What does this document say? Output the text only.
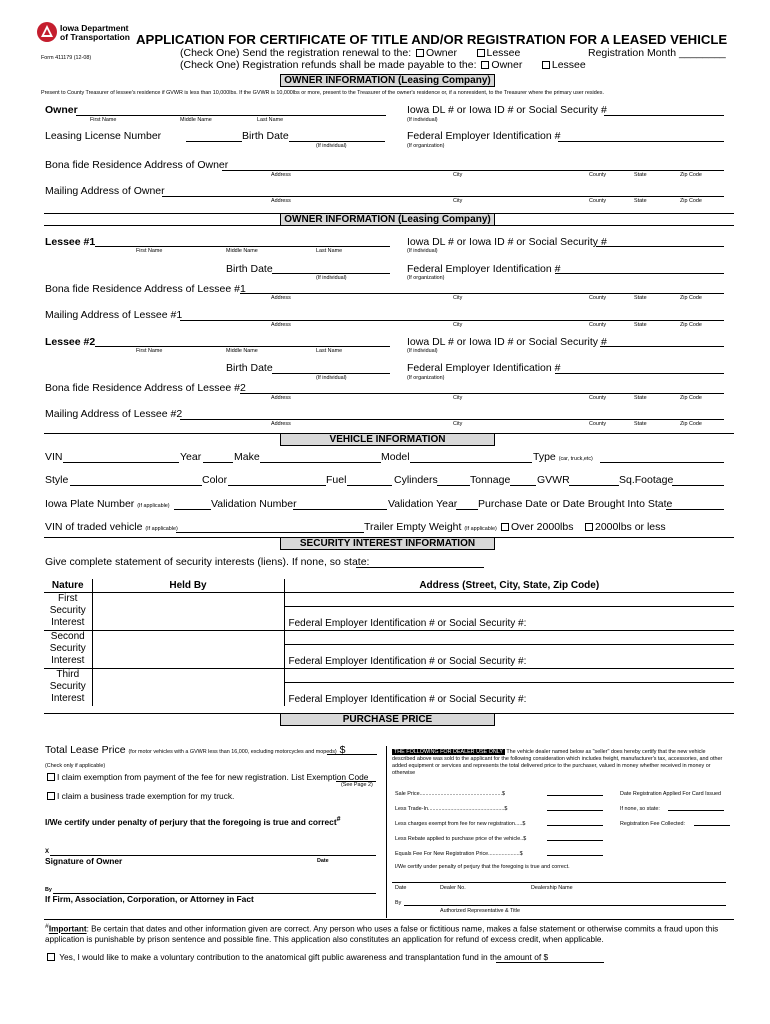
Iowa Department
of Transportation
Form 411179 (12-08)
APPLICATION FOR CERTIFICATE OF TITLE AND/OR REGISTRATION FOR A LEASED VEHICLE
(Check One) Send the registration renewal to the: Owner	Lessee	Registration Month ________
(Check One) Registration refunds shall be made payable to the: Owner	Lessee
OWNER INFORMATION (Leasing Company)
Present to County Treasurer of lessee's residence if GVWR is less than 10,000lbs. If the GVWR is 10,000lbs or more, present to the Treasurer of the owner's residence or, if a nonresident, to the Treasurer where the primary user resides.
Owner
First Name	Middle Name	Last Name
Iowa DL # or Iowa ID # or Social Security #
(If individual)
Leasing License Number	Birth Date
(If individual)
Federal Employer Identification #
(If organization)
Bona fide Residence Address of Owner
Address	City	County	State	Zip Code
Mailing Address of Owner
Address	City	County	State	Zip Code
OWNER INFORMATION (Leasing Company)
Lessee #1
First Name	Middle Name	Last Name
Iowa DL # or Iowa ID # or Social Security #
(If individual)
Birth Date
(If individual)
Federal Employer Identification #
(If organization)
Bona fide Residence Address of Lessee #1
Address	City	County	State	Zip Code
Mailing Address of Lessee #1
Address	City	County	State	Zip Code
Lessee #2
First Name	Middle Name	Last Name
Iowa DL # or Iowa ID # or Social Security #
(If individual)
Birth Date
(If individual)
Federal Employer Identification #
(If organization)
Bona fide Residence Address of Lessee #2
Address	City	County	State	Zip Code
Mailing Address of Lessee #2
Address	City	County	State	Zip Code
VEHICLE INFORMATION
VIN	Year	Make	Model	Type (car, truck,etc)
Style	Color	Fuel	Cylinders	Tonnage	GVWR	Sq.Footage
Iowa Plate Number (If applicable)	Validation Number	Validation Year Purchase Date or Date Brought Into State
VIN of traded vehicle (If applicable)	Trailer Empty Weight (If applicable)	Over 2000lbs	2000lbs or less
SECURITY INTEREST INFORMATION
Give complete statement of security interests (liens). If none, so state:
Nature	Held By	Address (Street, City, State, Zip Code)

First
Security
Interest		Federal Employer Identification # or Social Security #:

Second
Security
Interest		Federal Employer Identification # or Social Security #:

Third
Security
Interest		Federal Employer Identification # or Social Security #:
PURCHASE PRICE
Total Lease Price (for motor vehicles with a GVWR less than 16,000, excluding motorcycles and mopeds) $
(Check only if applicable)
I claim exemption from payment of the fee for new registration. List Exemption Code
(See Page 2)
I claim a business trade exemption for my truck.
I/We certify under penalty of perjury that the foregoing is true and correct#
X
Signature of Owner	Date
By
If Firm, Association, Corporation, or Attorney in Fact
THE FOLLOWING FOR DEALER USE ONLY The vehicle dealer named below as "seller" does hereby certify that the new vehicle described above was sold to the applicant for the following consideration which includes freight, manufacturer's tax, accessories, and other added equipment or services and represents the total delivered price to the purchaser, valued in money whether received in money or otherwise
Sale Price.......................................................$	Date Registration Applied For Card Issued
Less Trade-In...................................................$	If none, so state:
Less charges exempt from fee for new registration.....$	Registration Fee Collected:
Less Rebate applied to purchase price of the vehicle..$
Equals Fee For New Registration Price.....................$
I/We certify under penalty of perjury that the foregoing is true and correct.
Date	Dealer No.	Dealership Name
By
Authorized Representative & Title
#Important: Be certain that dates and other information given are correct. Any person who uses a false or fictitious name, makes a false statement or otherwise commits a fraud upon this application is punishable by prison sentence and possible fine. This application also constitutes an application for refund of excess credit, when applicable.
Yes, I would like to make a voluntary contribution to the anatomical gift public awareness and transplantation fund in the amount of $
